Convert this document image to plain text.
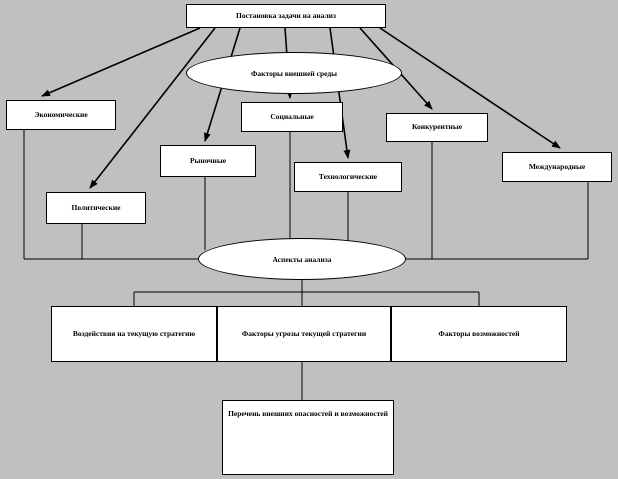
Постановка задачи на анализ
Факторы внешней среды
Экономические	Социальные
Конкурентные
Рыночные
Международные
Технологические
Политические
Аспекты анализа
Воздействия на текущую стратегию	Факторы угрозы текущей стратегии	Факторы возможностей
Перечень внешних опасностей и возможностей
